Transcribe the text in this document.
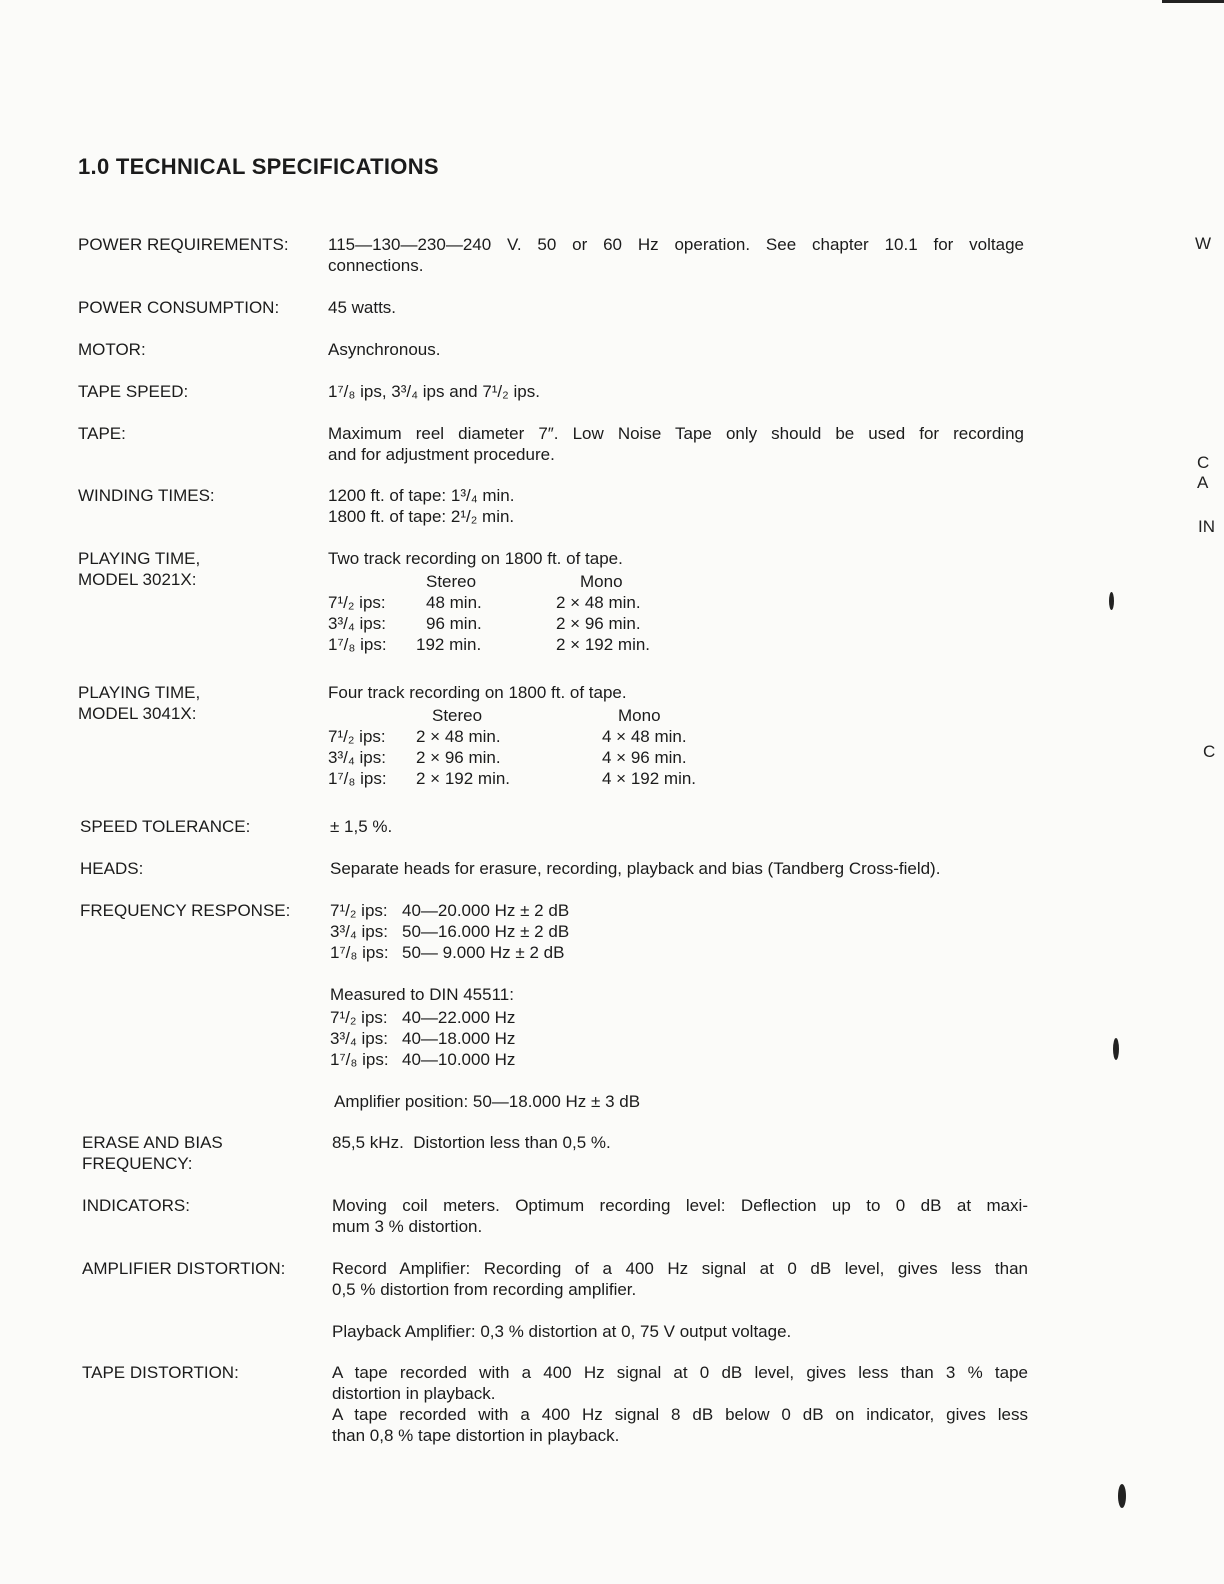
1.0 TECHNICAL SPECIFICATIONS
POWER REQUIREMENTS:	115—130—230—240 V. 50 or 60 Hz operation. See chapter 10.1 for voltage
connections.
POWER CONSUMPTION:	45 watts.
MOTOR:	Asynchronous.
TAPE SPEED:	1⁷/₈ ips, 3³/₄ ips and 7¹/₂ ips.
TAPE:	Maximum reel diameter 7″. Low Noise Tape only should be used for recording
and for adjustment procedure.
WINDING TIMES:	1200 ft. of tape: 1³/₄ min.
1800 ft. of tape: 2¹/₂ min.
PLAYING TIME,
MODEL 3021X:
Two track recording on 1800 ft. of tape.
	Stereo	Mono
7¹/₂ ips:	48 min.	2 × 48 min.
3³/₄ ips:	96 min.	2 × 96 min.
1⁷/₈ ips:	192 min.	2 × 192 min.
PLAYING TIME,
MODEL 3041X:
Four track recording on 1800 ft. of tape.
	Stereo	Mono
7¹/₂ ips:	2 × 48 min.	4 × 48 min.
3³/₄ ips:	2 × 96 min.	4 × 96 min.
1⁷/₈ ips:	2 × 192 min.	4 × 192 min.
SPEED TOLERANCE:	± 1,5 %.
HEADS:	Separate heads for erasure, recording, playback and bias (Tandberg Cross-field).
FREQUENCY RESPONSE:	7¹/₂ ips:	40—20.000 Hz ± 2 dB
3³/₄ ips:	50—16.000 Hz ± 2 dB
1⁷/₈ ips:	50— 9.000 Hz ± 2 dB
Measured to DIN 45511:
7¹/₂ ips:	40—22.000 Hz
3³/₄ ips:	40—18.000 Hz
1⁷/₈ ips:	40—10.000 Hz
Amplifier position: 50—18.000 Hz ± 3 dB
ERASE AND BIAS
FREQUENCY:
85,5 kHz.  Distortion less than 0,5 %.
INDICATORS:	Moving coil meters. Optimum recording level: Deflection up to 0 dB at maxi-
mum 3 % distortion.
AMPLIFIER DISTORTION:	Record Amplifier: Recording of a 400 Hz signal at 0 dB level, gives less than
0,5 % distortion from recording amplifier.
Playback Amplifier: 0,3 % distortion at 0, 75 V output voltage.
TAPE DISTORTION:	A tape recorded with a 400 Hz signal at 0 dB level, gives less than 3 % tape
distortion in playback.
A tape recorded with a 400 Hz signal 8 dB below 0 dB on indicator, gives less
than 0,8 % tape distortion in playback.
W
C
A
IN
C
